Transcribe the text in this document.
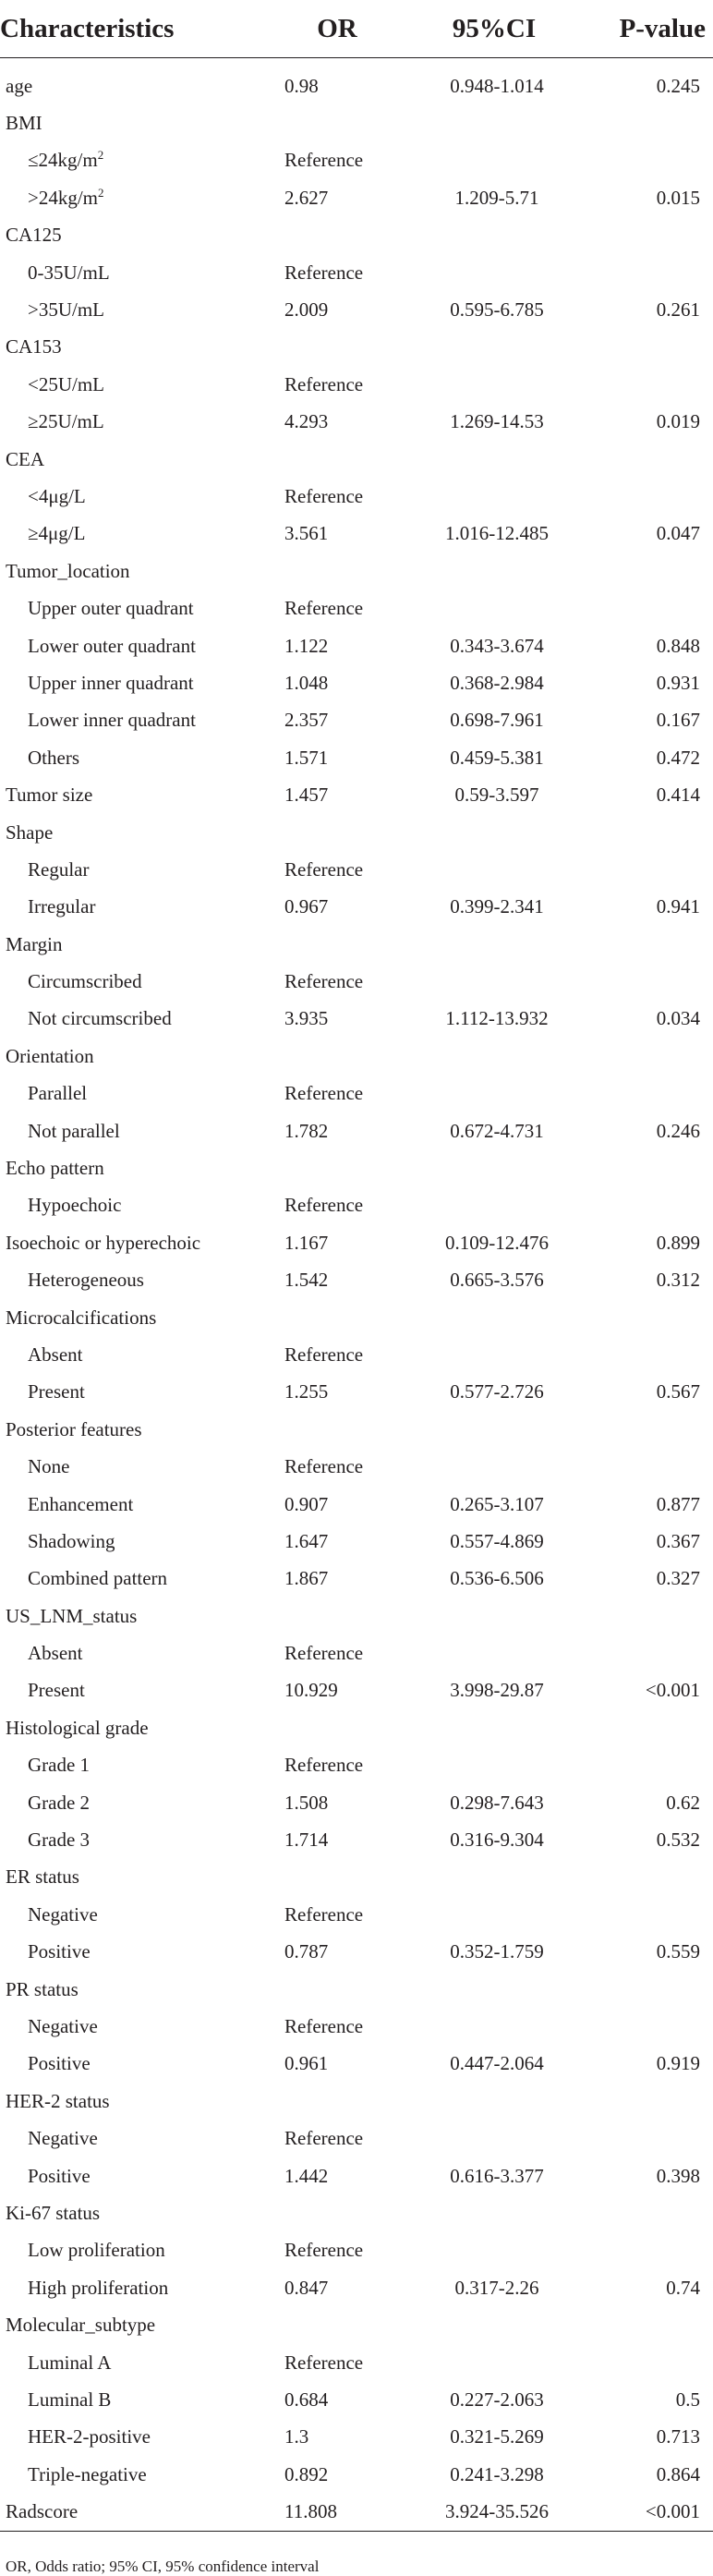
Characteristics	OR	95%CI	P-value
age	0.98	0.948-1.014	0.245
BMI			
$\le 24kg/m^2$	Reference		
$>24kg/m^2$	2.627	1.209-5.71	0.015
CA125			
0-35U/mL	Reference		
>35U/mL	2.009	0.595-6.785	0.261
CA153			
<25U/mL	Reference		
≥25U/mL	4.293	1.269-14.53	0.019
CEA			
<4μg/L	Reference		
≥4μg/L	3.561	1.016-12.485	0.047
Tumor_location			
Upper outer quadrant	Reference		
Lower outer quadrant	1.122	0.343-3.674	0.848
Upper inner quadrant	1.048	0.368-2.984	0.931
Lower inner quadrant	2.357	0.698-7.961	0.167
Others	1.571	0.459-5.381	0.472
Tumor size	1.457	0.59-3.597	0.414
Shape			
Regular	Reference		
Irregular	0.967	0.399-2.341	0.941
Margin			
Circumscribed	Reference		
Not circumscribed	3.935	1.112-13.932	0.034
Orientation			
Parallel	Reference		
Not parallel	1.782	0.672-4.731	0.246
Echo pattern			
Hypoechoic	Reference		
Isoechoic or hyperechoic	1.167	0.109-12.476	0.899
Heterogeneous	1.542	0.665-3.576	0.312
Microcalcifications			
Absent	Reference		
Present	1.255	0.577-2.726	0.567
Posterior features			
None	Reference		
Enhancement	0.907	0.265-3.107	0.877
Shadowing	1.647	0.557-4.869	0.367
Combined pattern	1.867	0.536-6.506	0.327
US_LNM_status			
Absent	Reference		
Present	10.929	3.998-29.87	<0.001
Histological grade			
Grade 1	Reference		
Grade 2	1.508	0.298-7.643	0.62
Grade 3	1.714	0.316-9.304	0.532
ER status			
Negative	Reference		
Positive	0.787	0.352-1.759	0.559
PR status			
Negative	Reference		
Positive	0.961	0.447-2.064	0.919
HER-2 status			
Negative	Reference		
Positive	1.442	0.616-3.377	0.398
Ki-67 status			
Low proliferation	Reference		
High proliferation	0.847	0.317-2.26	0.74
Molecular_subtype			
Luminal A	Reference		
Luminal B	0.684	0.227-2.063	0.5
HER-2-positive	1.3	0.321-5.269	0.713
Triple-negative	0.892	0.241-3.298	0.864
Radscore	11.808	3.924-35.526	<0.001
OR, Odds ratio; 95% CI, 95% confidence interval
